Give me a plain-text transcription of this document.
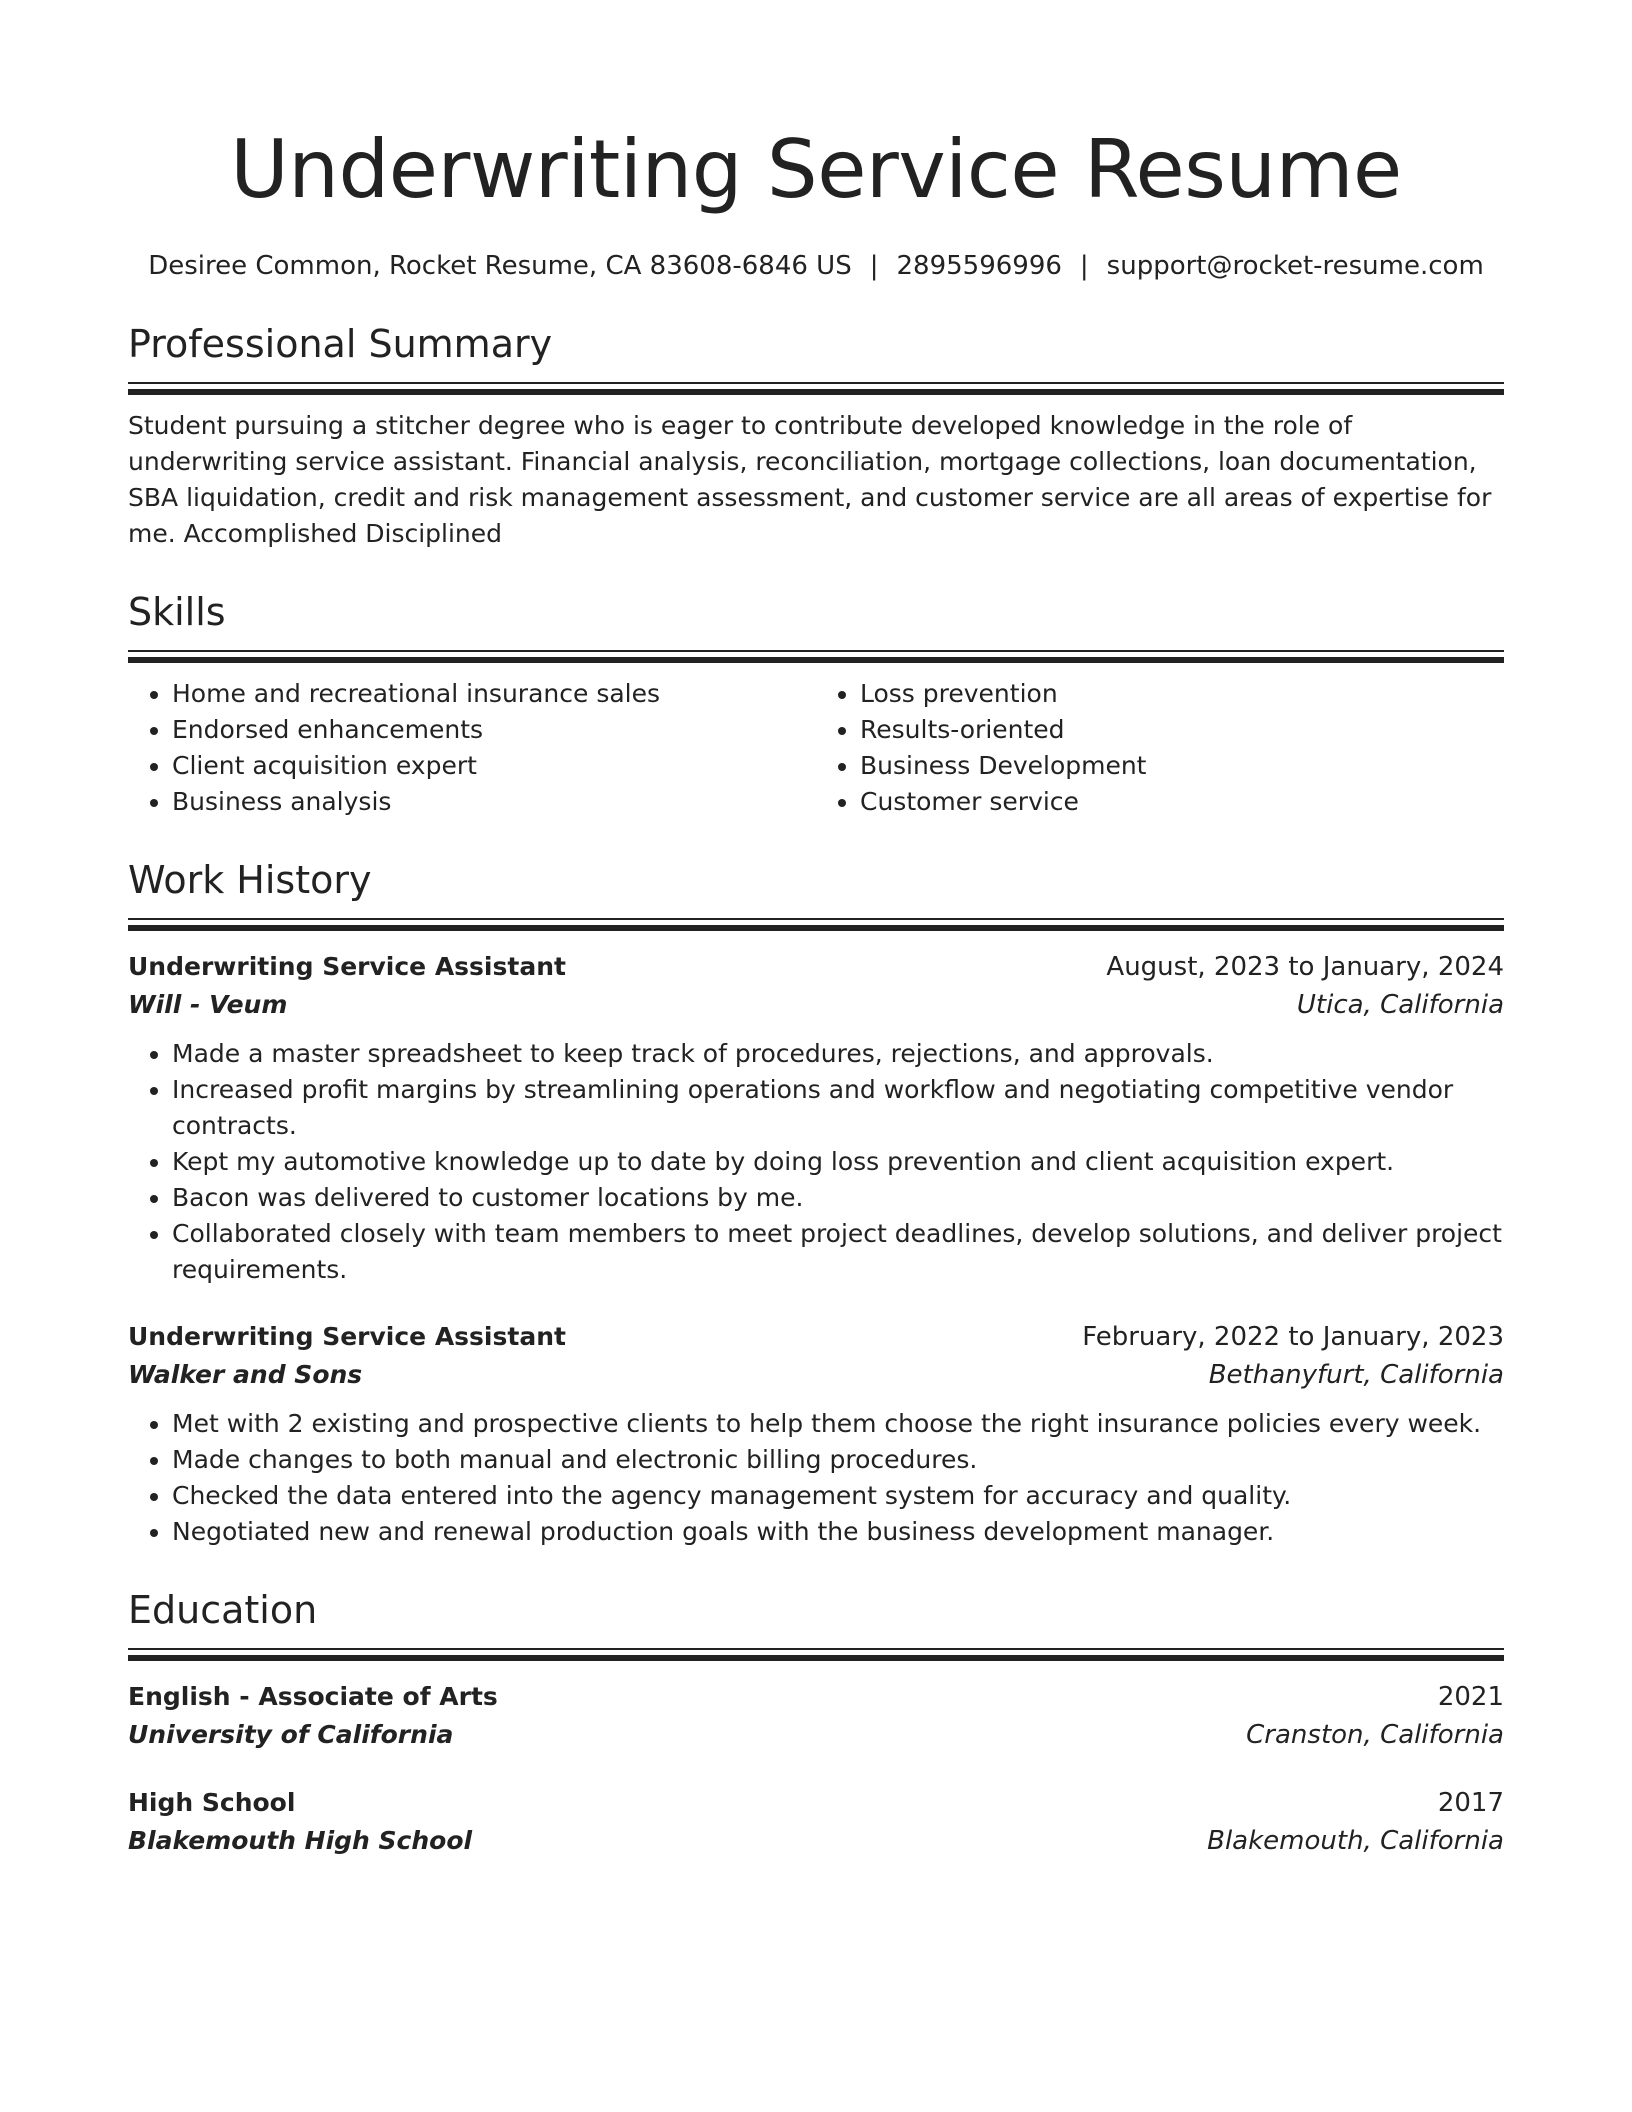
Underwriting Service Resume
Desiree Common, Rocket Resume, CA 83608-6846 US | 2895596996 | support@rocket-resume.com
Professional Summary
Student pursuing a stitcher degree who is eager to contribute developed knowledge in the role of underwriting service assistant. Financial analysis, reconciliation, mortgage collections, loan documentation, SBA liquidation, credit and risk management assessment, and customer service are all areas of expertise for me. Accomplished Disciplined
Skills
• Home and recreational insurance sales
• Endorsed enhancements
• Client acquisition expert
• Business analysis
• Loss prevention
• Results-oriented
• Business Development
• Customer service
Work History
Underwriting Service Assistant	August, 2023 to January, 2024
Will - Veum	Utica, California
• Made a master spreadsheet to keep track of procedures, rejections, and approvals.
• Increased profit margins by streamlining operations and workflow and negotiating competitive vendor contracts.
• Kept my automotive knowledge up to date by doing loss prevention and client acquisition expert.
• Bacon was delivered to customer locations by me.
• Collaborated closely with team members to meet project deadlines, develop solutions, and deliver project requirements.
Underwriting Service Assistant	February, 2022 to January, 2023
Walker and Sons	Bethanyfurt, California
• Met with 2 existing and prospective clients to help them choose the right insurance policies every week.
• Made changes to both manual and electronic billing procedures.
• Checked the data entered into the agency management system for accuracy and quality.
• Negotiated new and renewal production goals with the business development manager.
Education
English - Associate of Arts	2021
University of California	Cranston, California
High School	2017
Blakemouth High School	Blakemouth, California
